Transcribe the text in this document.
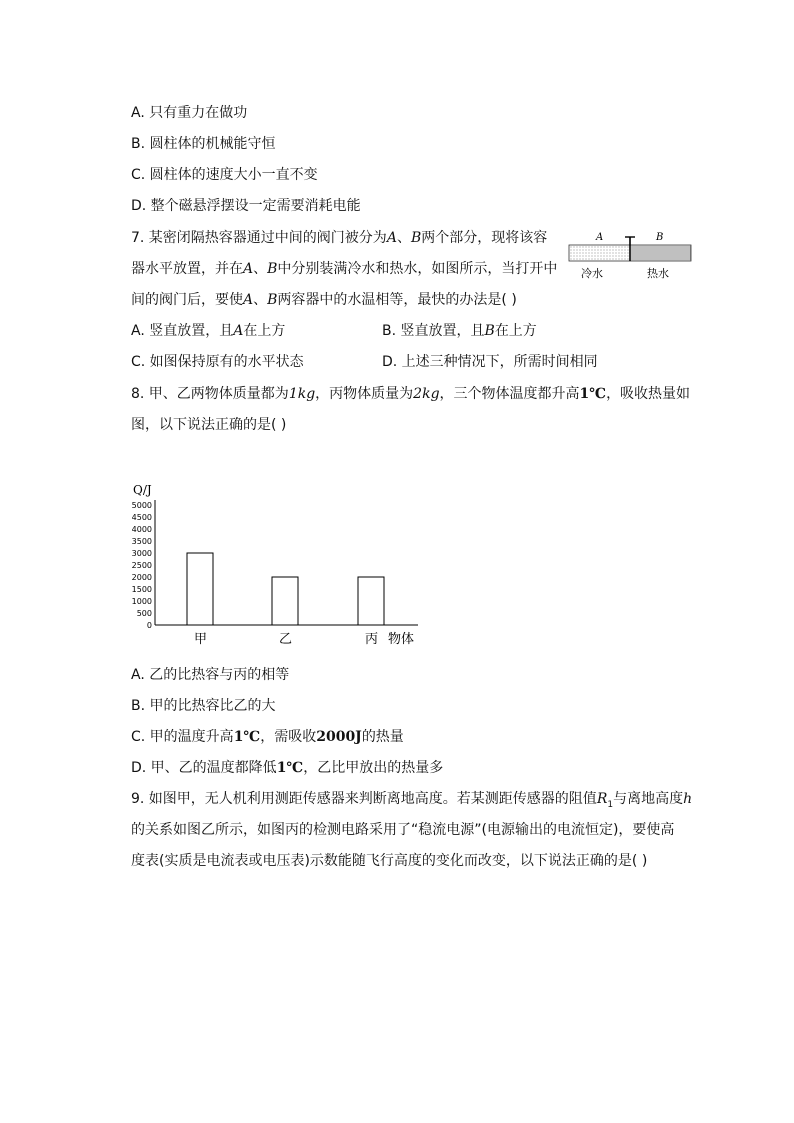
A. 只有重力在做功
B. 圆柱体的机械能守恒
C. 圆柱体的速度大小一直不变
D. 整个磁悬浮摆设一定需要消耗电能
7. 某密闭隔热容器通过中间的阀门被分为A、B两个部分，现将该容
器水平放置，并在A、B中分别装满冷水和热水，如图所示，当打开中
间的阀门后，要使A、B两容器中的水温相等，最快的办法是( )
A	B
冷水	热水
A. 竖直放置，且A在上方	B. 竖直放置，且B在上方
C. 如图保持原有的水平状态	D. 上述三种情况下，所需时间相同
8. 甲、乙两物体质量都为1kg，丙物体质量为2kg，三个物体温度都升高1℃，吸收热量如
图，以下说法正确的是( )
Q/J
5000
4500
4000
3500
3000
2500
2000
1500
1000
500
0
甲	乙	丙 物体
A. 乙的比热容与丙的相等
B. 甲的比热容比乙的大
C. 甲的温度升高1℃，需吸收2000J的热量
D. 甲、乙的温度都降低1℃，乙比甲放出的热量多
9. 如图甲，无人机利用测距传感器来判断离地高度。若某测距传感器的阻值$R_1$与离地高度h
的关系如图乙所示，如图丙的检测电路采用了“稳流电源”(电源输出的电流恒定)，要使高
度表(实质是电流表或电压表)示数能随飞行高度的变化而改变，以下说法正确的是( )
